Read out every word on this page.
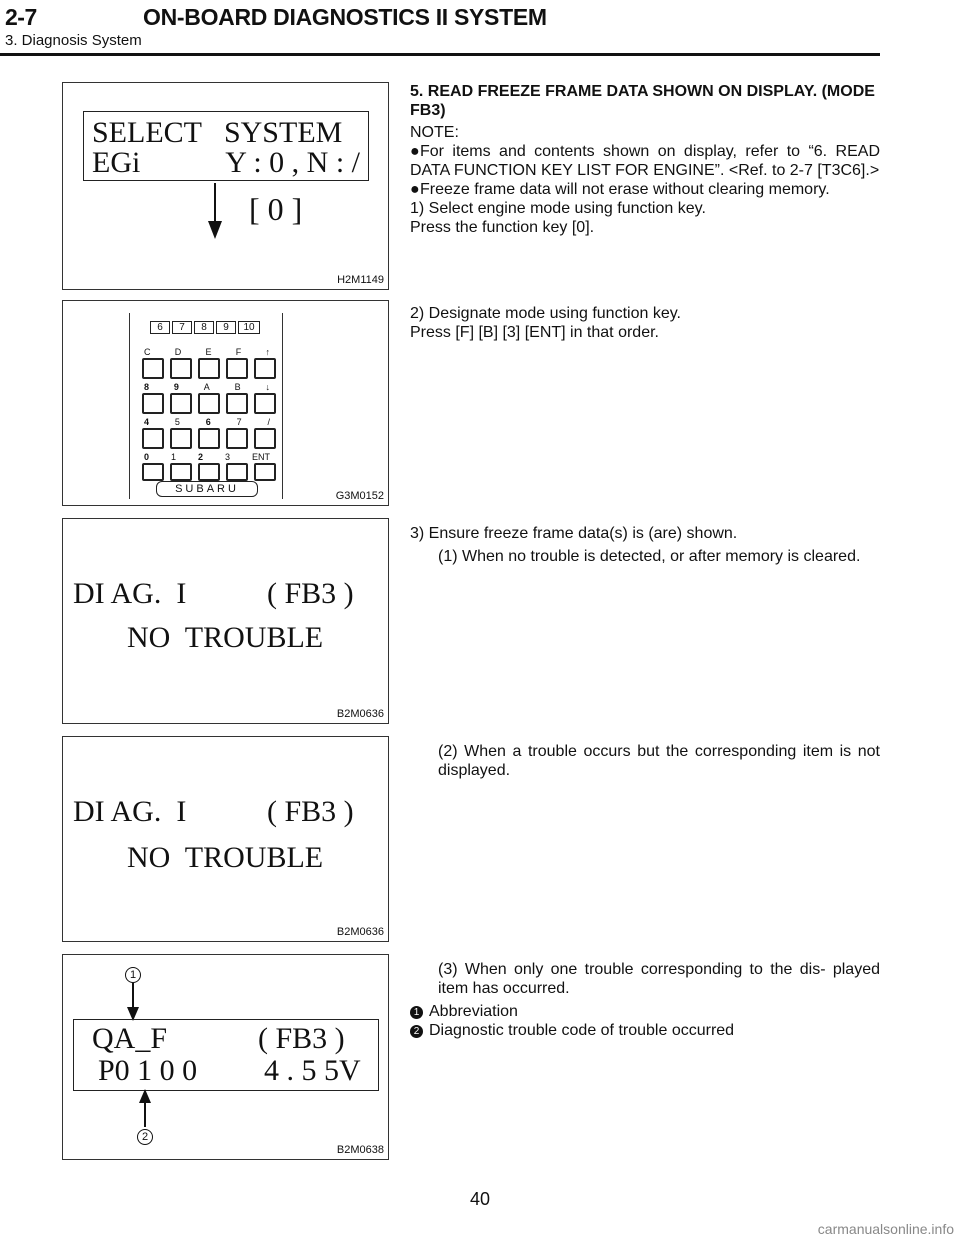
2-7	ON-BOARD DIAGNOSTICS II SYSTEM
3. Diagnosis System
SELECT   SYSTEM
EGi	Y : 0 , N : /
[ 0 ]
H2M1149
6	7	8	9	10
C	D	E	F	↑
8	9	A	B	↓
4	5	6	7	/
0 1 2 3 ENT
SUBARU
G3M0152
DI AG.  I	( FB3 )
NO  TROUBLE
B2M0636
DI AG.  I	( FB3 )
NO  TROUBLE
B2M0636
1
QA_F	( FB3 )
P0 1 0 0 4 . 5 5V
2
B2M0638

5. READ FREEZE FRAME DATA SHOWN ON DISPLAY. (MODE FB3)

NOTE:

●For items and contents shown on display, refer to “6. READ DATA FUNCTION KEY LIST FOR ENGINE”. <Ref. to 2-7 [T3C6].>

●Freeze frame data will not erase without clearing memory.

1) Select engine mode using function key.

Press the function key [0].

2) Designate mode using function key.

Press [F] [B] [3] [ENT] in that order.

3) Ensure freeze frame data(s) is (are) shown.

(1) When no trouble is detected, or after memory is cleared.

(2) When a trouble occurs but the corresponding item is not displayed.

(3) When only one trouble corresponding to the dis- played item has occurred.

1 Abbreviation

2 Diagnostic trouble code of trouble occurred

40
carmanualsonline.info
